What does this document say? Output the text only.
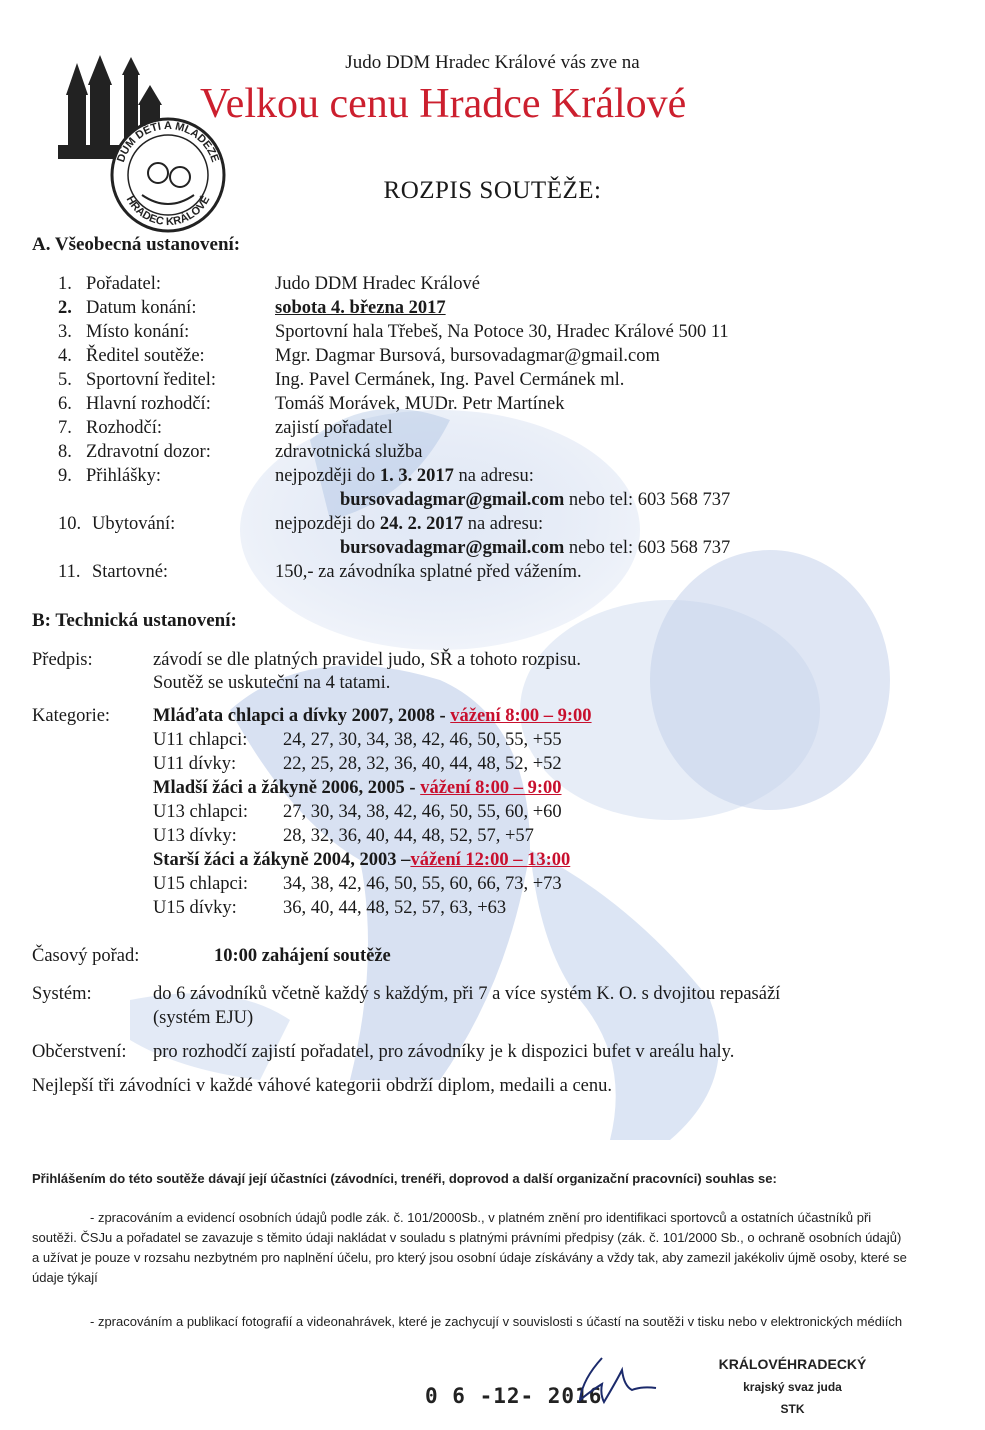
DŮM DĚTÍ A MLÁDEŽE
HRADEC KRÁLOVÉ
Judo DDM Hradec Králové vás zve na
Velkou cenu Hradce Králové
ROZPIS SOUTĚŽE:
A. Všeobecná ustanovení:
1. Pořadatel:	Judo DDM Hradec Králové
2. Datum konání:	sobota 4. března 2017
3. Místo konání:	Sportovní hala Třebeš, Na Potoce 30, Hradec Králové 500 11
4. Ředitel soutěže:	Mgr. Dagmar Bursová, bursovadagmar@gmail.com
5. Sportovní ředitel:	Ing. Pavel Cermánek, Ing. Pavel Cermánek ml.
6. Hlavní rozhodčí:	Tomáš Morávek, MUDr. Petr Martínek
7. Rozhodčí:	zajistí pořadatel
8. Zdravotní dozor:	zdravotnická služba
9. Přihlášky:	nejpozději do 1. 3. 2017 na adresu:
bursovadagmar@gmail.com nebo tel: 603 568 737
10. Ubytování:	nejpozději do 24. 2. 2017 na adresu:
bursovadagmar@gmail.com nebo tel: 603 568 737
11. Startovné:	150,- za závodníka splatné před vážením.
B: Technická ustanovení:
Předpis:	závodí se dle platných pravidel judo, SŘ a tohoto rozpisu.
Soutěž se uskuteční na 4 tatami.
Kategorie: Mláďata chlapci a dívky 2007, 2008 - vážení 8:00 – 9:00
U11 chlapci: 24, 27, 30, 34, 38, 42, 46, 50, 55, +55
U11 dívky:	22, 25, 28, 32, 36, 40, 44, 48, 52, +52
Mladší žáci a žákyně 2006, 2005 - vážení 8:00 – 9:00
U13 chlapci: 27, 30, 34, 38, 42, 46, 50, 55, 60, +60
U13 dívky: 28, 32, 36, 40, 44, 48, 52, 57, +57
Starší žáci a žákyně 2004, 2003 –vážení 12:00 – 13:00
U15 chlapci: 34, 38, 42, 46, 50, 55, 60, 66, 73, +73
U15 dívky: 36, 40, 44, 48, 52, 57, 63, +63
Časový pořad:	10:00 zahájení soutěže
Systém:	do 6 závodníků včetně každý s každým, při 7 a více systém K. O. s dvojitou repasáží
(systém EJU)
Občerstvení: pro rozhodčí zajistí pořadatel, pro závodníky je k dispozici bufet v areálu haly.
Nejlepší tři závodníci v každé váhové kategorii obdrží diplom, medaili a cenu.
Přihlášením do této soutěže dávají její účastníci (závodníci, trenéři, doprovod a další organizační pracovníci) souhlas se:
- zpracováním a evidencí osobních údajů podle zák. č. 101/2000Sb., v platném znění pro identifikaci sportovců a ostatních účastníků při soutěži. ČSJu a pořadatel se zavazuje s těmito údaji nakládat v souladu s platnými právními předpisy (zák. č. 101/2000 Sb., o ochraně osobních údajů) a užívat je pouze v rozsahu nezbytném pro naplnění účelu, pro který jsou osobní údaje získávány a vždy tak, aby zamezil jakékoliv újmě osoby, které se údaje týkají
- zpracováním a publikací fotografií a videonahrávek, které je zachycují v souvislosti s účastí na soutěži v tisku nebo v elektronických médiích
0 6 -12- 2016
KRÁLOVÉHRADECKÝ
krajský svaz juda
STK
